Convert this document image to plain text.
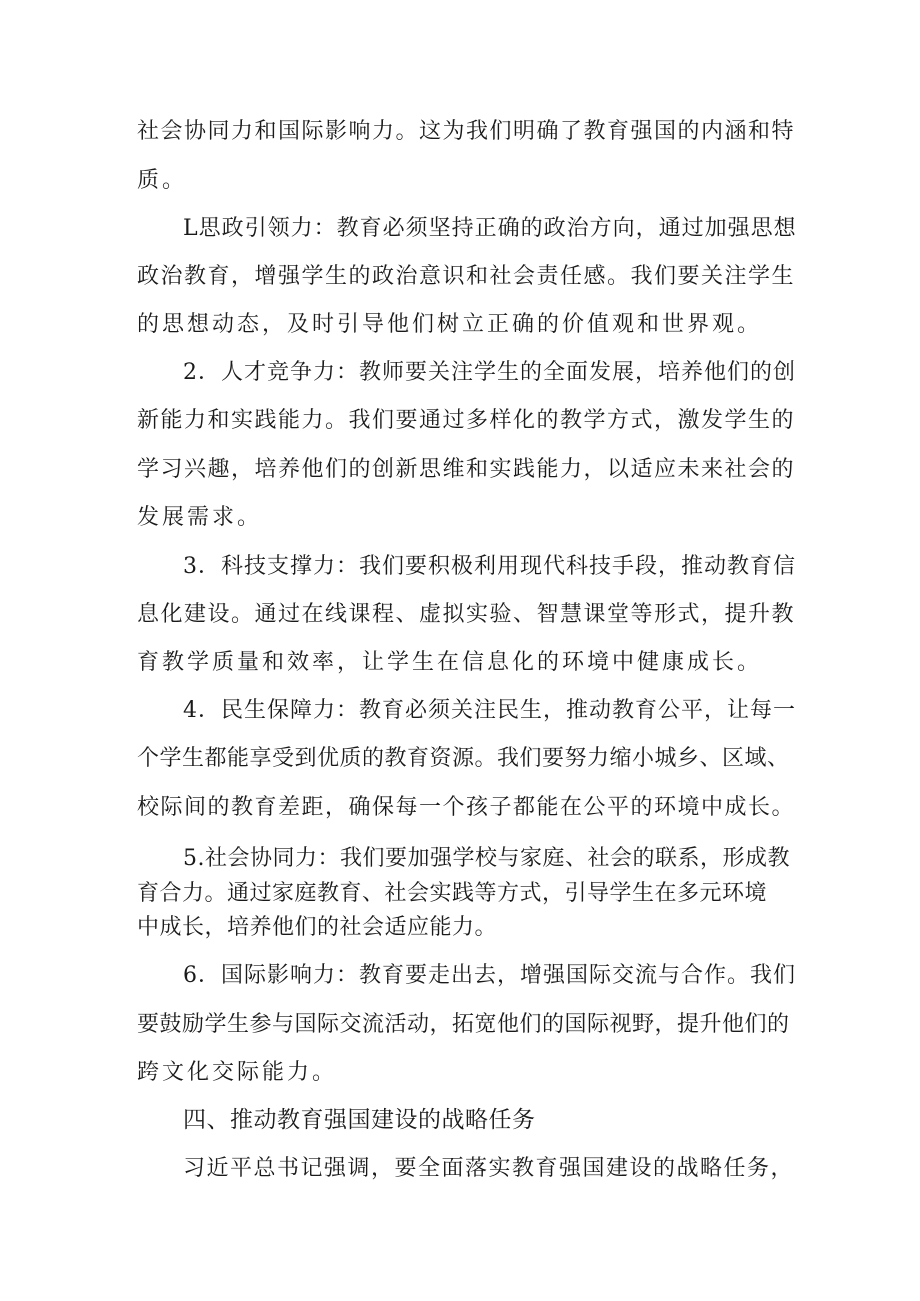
社会协同力和国际影响力。这为我们明确了教育强国的内涵和特
质。
L思政引领力：教育必须坚持正确的政治方向，通过加强思想
政治教育，增强学生的政治意识和社会责任感。我们要关注学生
的思想动态，及时引导他们树立正确的价值观和世界观。
2．人才竞争力：教师要关注学生的全面发展，培养他们的创
新能力和实践能力。我们要通过多样化的教学方式，激发学生的
学习兴趣，培养他们的创新思维和实践能力，以适应未来社会的
发展需求。
3．科技支撑力：我们要积极利用现代科技手段，推动教育信
息化建设。通过在线课程、虚拟实验、智慧课堂等形式，提升教
育教学质量和效率，让学生在信息化的环境中健康成长。
4．民生保障力：教育必须关注民生，推动教育公平，让每一
个学生都能享受到优质的教育资源。我们要努力缩小城乡、区域、
校际间的教育差距，确保每一个孩子都能在公平的环境中成长。
5.社会协同力：我们要加强学校与家庭、社会的联系，形成教
育合力。通过家庭教育、社会实践等方式，引导学生在多元环境
中成长，培养他们的社会适应能力。
6．国际影响力：教育要走出去，增强国际交流与合作。我们
要鼓励学生参与国际交流活动，拓宽他们的国际视野，提升他们的
跨文化交际能力。
四、推动教育强国建设的战略任务
习近平总书记强调，要全面落实教育强国建设的战略任务，
